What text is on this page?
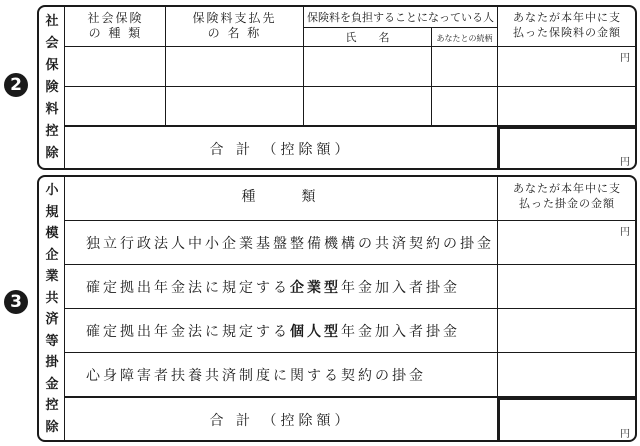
2
社
会
保
険
料
控
除
社会保険
の 種 類
保険料支払先
の 名 称
保険料を負担することになっている人
氏　　名	あなたとの続柄
あなたが本年中に支
払った保険料の金額
円
合 計 （控除額）
円
3
小
規
模
企
業
共
済
等
掛
金
控
除
種　　類
あなたが本年中に支
払った掛金の金額
円
独立行政法人中小企業基盤整備機構の共済契約の掛金
確定拠出年金法に規定する企業型年金加入者掛金
確定拠出年金法に規定する個人型年金加入者掛金
心身障害者扶養共済制度に関する契約の掛金
合 計 （控除額）
円
